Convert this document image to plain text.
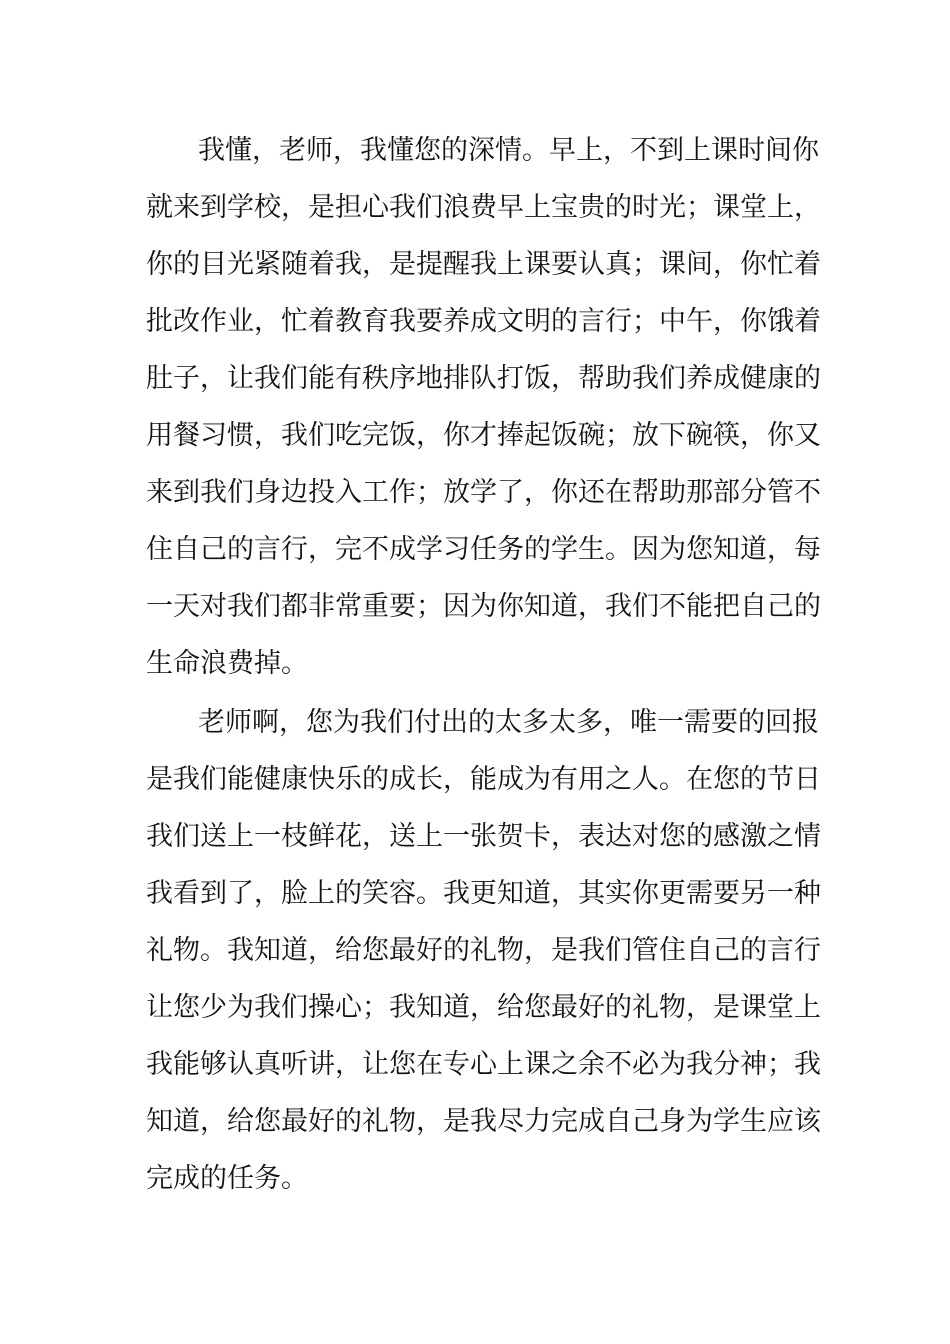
我懂，老师，我懂您的深情。早上，不到上课时间你
就来到学校，是担心我们浪费早上宝贵的时光；课堂上，
你的目光紧随着我，是提醒我上课要认真；课间，你忙着
批改作业，忙着教育我要养成文明的言行；中午，你饿着
肚子，让我们能有秩序地排队打饭，帮助我们养成健康的
用餐习惯，我们吃完饭，你才捧起饭碗；放下碗筷，你又
来到我们身边投入工作；放学了，你还在帮助那部分管不
住自己的言行，完不成学习任务的学生。因为您知道，每
一天对我们都非常重要；因为你知道，我们不能把自己的
生命浪费掉。
老师啊，您为我们付出的太多太多，唯一需要的回报
是我们能健康快乐的成长，能成为有用之人。在您的节日
我们送上一枝鲜花，送上一张贺卡，表达对您的感激之情
我看到了，脸上的笑容。我更知道，其实你更需要另一种
礼物。我知道，给您最好的礼物，是我们管住自己的言行
让您少为我们操心；我知道，给您最好的礼物，是课堂上
我能够认真听讲，让您在专心上课之余不必为我分神；我
知道，给您最好的礼物，是我尽力完成自己身为学生应该
完成的任务。
